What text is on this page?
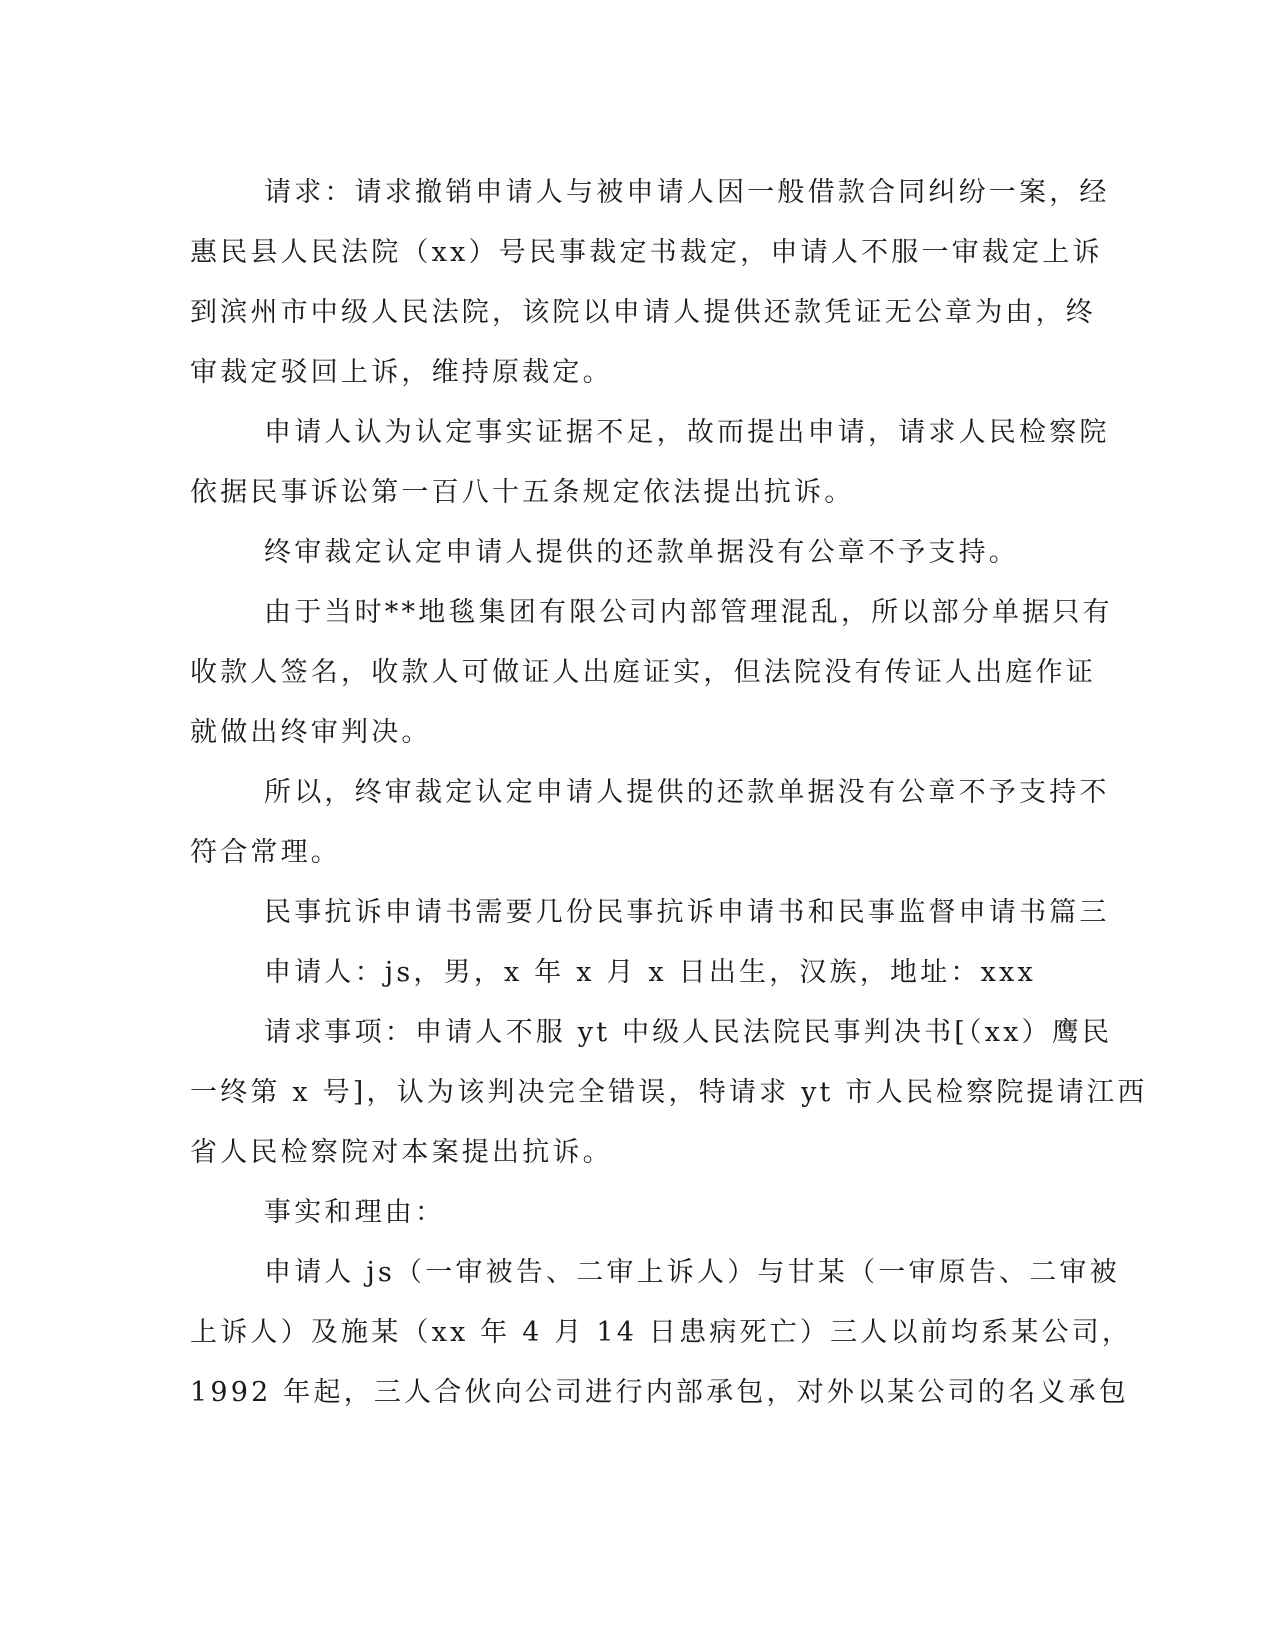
请求：请求撤销申请人与被申请人因一般借款合同纠纷一案，经
惠民县人民法院（xx）号民事裁定书裁定，申请人不服一审裁定上诉
到滨州市中级人民法院，该院以申请人提供还款凭证无公章为由，终
审裁定驳回上诉，维持原裁定。

申请人认为认定事实证据不足，故而提出申请，请求人民检察院
依据民事诉讼第一百八十五条规定依法提出抗诉。

终审裁定认定申请人提供的还款单据没有公章不予支持。

由于当时**地毯集团有限公司内部管理混乱，所以部分单据只有
收款人签名，收款人可做证人出庭证实，但法院没有传证人出庭作证
就做出终审判决。

所以，终审裁定认定申请人提供的还款单据没有公章不予支持不
符合常理。

民事抗诉申请书需要几份民事抗诉申请书和民事监督申请书篇三

申请人：js，男，x 年 x 月 x 日出生，汉族，地址：xxx

请求事项：申请人不服 yt 中级人民法院民事判决书[（xx）鹰民
一终第 x 号]，认为该判决完全错误，特请求 yt 市人民检察院提请江西
省人民检察院对本案提出抗诉。

事实和理由：

申请人 js（一审被告、二审上诉人）与甘某（一审原告、二审被
上诉人）及施某（xx 年 4 月 14 日患病死亡）三人以前均系某公司，
1992 年起，三人合伙向公司进行内部承包，对外以某公司的名义承包
